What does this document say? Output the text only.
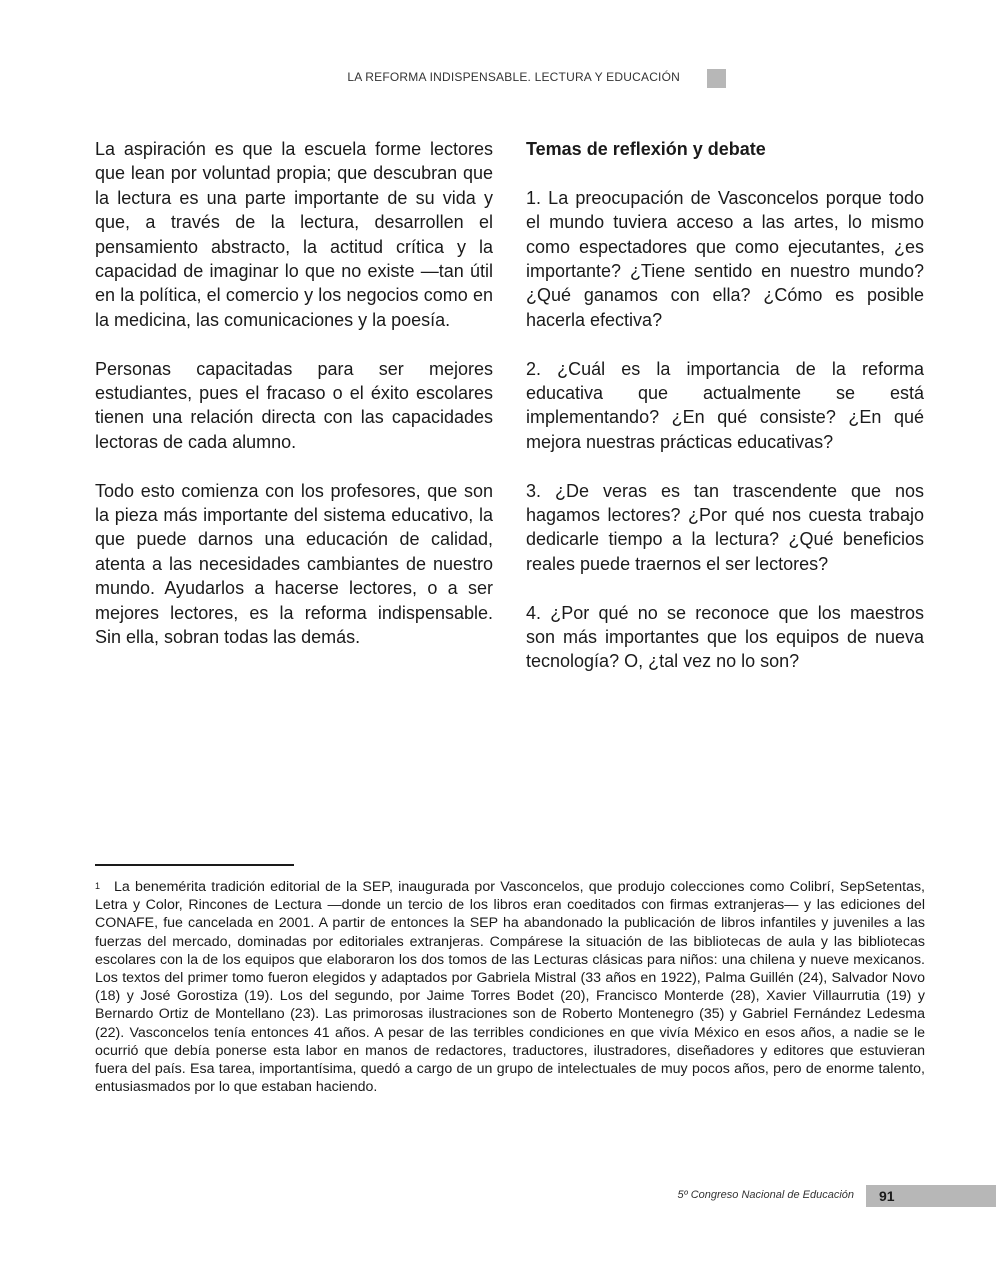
LA REFORMA INDISPENSABLE. LECTURA Y EDUCACIÓN

La aspiración es que la escuela forme lectores que lean por voluntad propia; que descubran que la lectura es una parte importante de su vida y que, a través de la lectura, desarrollen el pensamiento abstracto, la actitud crítica y la capacidad de imaginar lo que no existe —tan útil en la política, el comercio y los negocios como en la medicina, las comunicaciones y la poesía.

Personas capacitadas para ser mejores estudiantes, pues el fracaso o el éxito escolares tienen una relación directa con las capacidades lectoras de cada alumno.

Todo esto comienza con los profesores, que son la pieza más importante del sistema educativo, la que puede darnos una educación de calidad, atenta a las necesidades cambiantes de nuestro mundo. Ayudarlos a hacerse lectores, o a ser mejores lectores, es la reforma indispensable. Sin ella, sobran todas las demás.

Temas de reflexión y debate

1. La preocupación de Vasconcelos porque todo el mundo tuviera acceso a las artes, lo mismo como espectadores que como ejecutantes, ¿es importante? ¿Tiene sentido en nuestro mundo? ¿Qué ganamos con ella? ¿Cómo es posible hacerla efectiva?

2. ¿Cuál es la importancia de la reforma educativa que actualmente se está implementando? ¿En qué consiste? ¿En qué mejora nuestras prácticas educativas?

3. ¿De veras es tan trascendente que nos hagamos lectores? ¿Por qué nos cuesta trabajo dedicarle tiempo a la lectura? ¿Qué beneficios reales puede traernos el ser lectores?

4. ¿Por qué no se reconoce que los maestros son más importantes que los equipos de nueva tecnología? O, ¿tal vez no lo son?

$^1$ La benemérita tradición editorial de la SEP, inaugurada por Vasconcelos, que produjo colecciones como Colibrí, SepSetentas, Letra y Color, Rincones de Lectura —donde un tercio de los libros eran coeditados con firmas extranjeras— y las ediciones del CONAFE, fue cancelada en 2001. A partir de entonces la SEP ha abandonado la publicación de libros infantiles y juveniles a las fuerzas del mercado, dominadas por editoriales extranjeras. Compárese la situación de las bibliotecas de aula y las bibliotecas escolares con la de los equipos que elaboraron los dos tomos de las Lecturas clásicas para niños: una chilena y nueve mexicanos. Los textos del primer tomo fueron elegidos y adaptados por Gabriela Mistral (33 años en 1922), Palma Guillén (24), Salvador Novo (18) y José Gorostiza (19). Los del segundo, por Jaime Torres Bodet (20), Francisco Monterde (28), Xavier Villaurrutia (19) y Bernardo Ortiz de Montellano (23). Las primorosas ilustraciones son de Roberto Montenegro (35) y Gabriel Fernández Ledesma (22). Vasconcelos tenía entonces 41 años. A pesar de las terribles condiciones en que vivía México en esos años, a nadie se le ocurrió que debía ponerse esta labor en manos de redactores, traductores, ilustradores, diseñadores y editores que estuvieran fuera del país. Esa tarea, importantísima, quedó a cargo de un grupo de intelectuales de muy pocos años, pero de enorme talento, entusiasmados por lo que estaban haciendo.
5º Congreso Nacional de Educación 91
